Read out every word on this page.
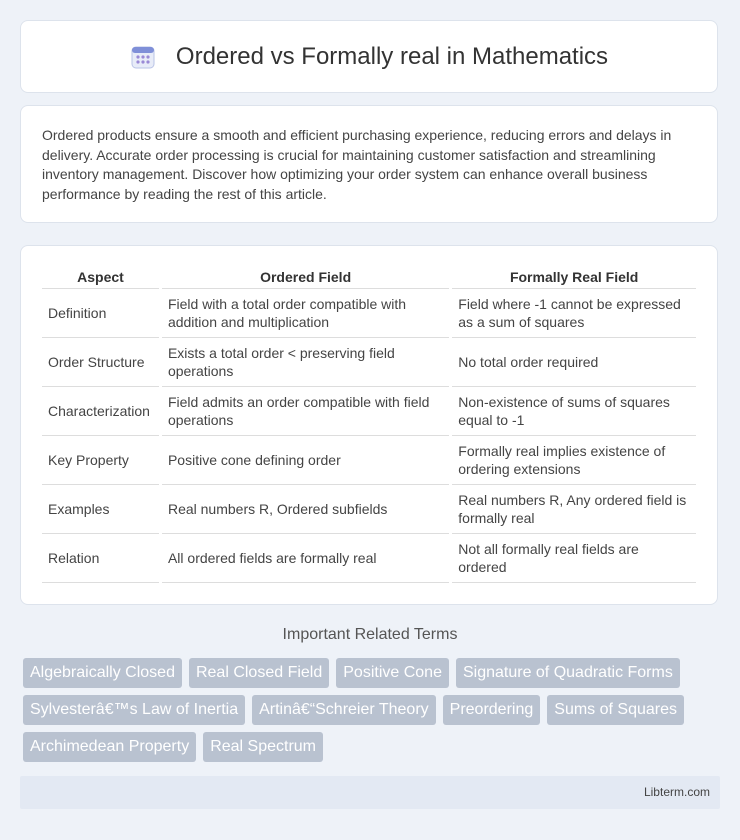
Ordered vs Formally real in Mathematics

Ordered products ensure a smooth and efficient purchasing experience, reducing errors and delays in delivery. Accurate order processing is crucial for maintaining customer satisfaction and streamlining inventory management. Discover how optimizing your order system can enhance overall business performance by reading the rest of this article.

Aspect	Ordered Field	Formally Real Field
Definition	Field with a total order compatible with addition and multiplication	Field where -1 cannot be expressed as a sum of squares
Order Structure	Exists a total order < preserving field operations	No total order required
Characterization	Field admits an order compatible with field operations	Non-existence of sums of squares equal to -1
Key Property	Positive cone defining order	Formally real implies existence of ordering extensions
Examples	Real numbers R, Ordered subfields	Real numbers R, Any ordered field is formally real
Relation	All ordered fields are formally real	Not all formally real fields are ordered
Important Related Terms
Algebraically Closed	Real Closed Field	Positive Cone	Signature of Quadratic Forms
Sylvesterâ€™s Law of Inertia	Artinâ€“Schreier Theory	Preordering	Sums of Squares
Archimedean Property	Real Spectrum
Libterm.com
